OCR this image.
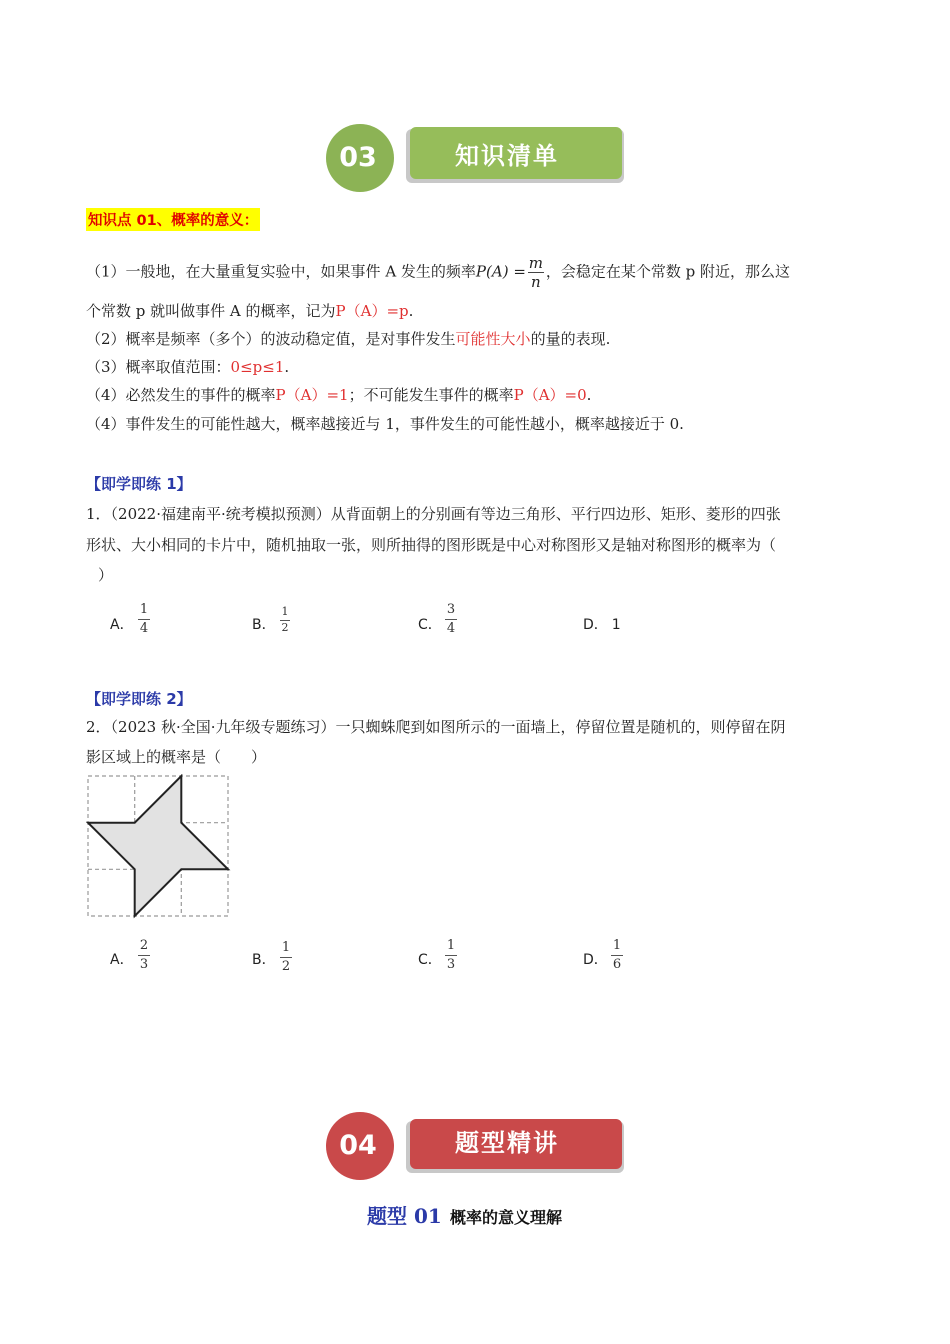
03	知识清单
知识点 01、概率的意义：
（1）一般地，在大量重复实验中，如果事件 A 发生的频率$P(A) = \frac{m}{n}$ ，会稳定在某个常数 p 附近，那么这
个常数 p 就叫做事件 A 的概率，记为P（A）=p.
（2）概率是频率（多个）的波动稳定值，是对事件发生可能性大小的量的表现.
（3）概率取值范围：0≤p≤1.
（4）必然发生的事件的概率P（A）=1；不可能发生事件的概率P（A）=0.
（4）事件发生的可能性越大，概率越接近与 1，事件发生的可能性越小，概率越接近于 0.
【即学即练 1】
1．（2022·福建南平·统考模拟预测）从背面朝上的分别画有等边三角形、平行四边形、矩形、菱形的四张
形状、大小相同的卡片中，随机抽取一张，则所抽得的图形既是中心对称图形又是轴对称图形的概率为（
）
A．
1
4	B．
1
2	C．
3
4	D． 1
【即学即练 2】
2．（2023 秋·全国·九年级专题练习）一只蜘蛛爬到如图所示的一面墙上，停留位置是随机的，则停留在阴
影区域上的概率是（　　）
A．
2
3	B．
1
2	C．
1
3	D．
1
6
04	题型精讲
题型 01 概率的意义理解
